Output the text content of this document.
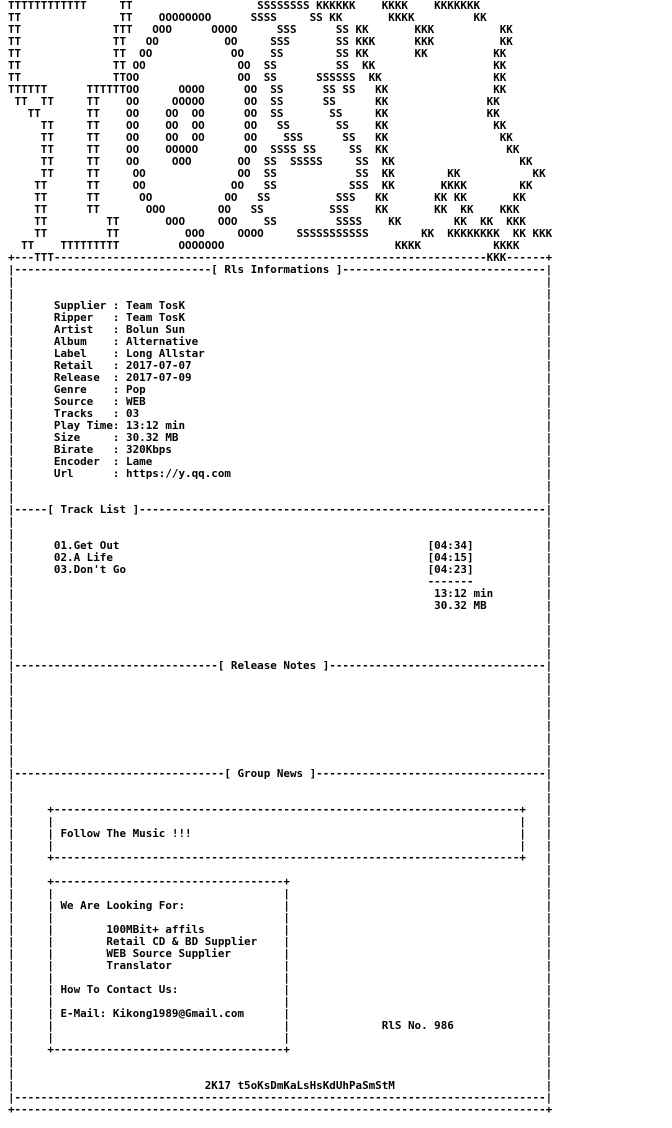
TTTTTTTTTTTT     TT                   SSSSSSSS KKKKKK    KKKK    KKKKKKK
TT               TT    OOOOOOOO      SSSS     SS KK       KKKK         KK
TT              TTT   OOO      OOOO      SSS      SS KK       KKK          KK
TT              TT   OO          OO     SSS       SS KKK      KKK          KK
TT              TT  OO            OO    SS        SS KK       KK          KK
TT              TT OO              OO  SS         SS  KK                  KK
TT              TTOO               OO  SS      SSSSSS  KK                 KK
TTTTTT      TTTTTTOO      OOOO      OO  SS      SS SS   KK                KK
TT  TT     TT    OO     OOOOO      OO  SS      SS      KK               KK
TT       TT    OO    OO  OO      OO  SS       SS     KK               KK
TT     TT    OO    OO  OO      OO   SS       SS    KK                KK
TT     TT    OO    OO  OO      OO    SSS      SS   KK                 KK
TT     TT    OO    OOOOO       OO  SSSS SS     SS  KK                  KK
TT     TT    OO     OOO       OO  SS  SSSSS     SS  KK                   KK
TT     TT     OO              OO  SS            SS  KK        KK           KK
TT      TT     OO             OO   SS           SSS  KK       KKKK        KK
TT      TT      OO           OO   SS          SSS   KK       KK KK       KK
TT      TT       OOO        OO   SS          SSS    KK       KK  KK    KKK
TT         TT       OOO     OOO    SS         SSSS    KK        KK  KK  KKK
TT         TT          OOO     OOOO     SSSSSSSSSSS        KK  KKKKKKKK  KK KKK
TT    TTTTTTTTT         OOOOOOO                          KKKK           KKKK
+---TTT------------------------------------------------------------------KKK------+
|------------------------------[ Rls Informations ]-------------------------------|
|                                                                                 |
|                                                                                 |
|      Supplier : Team TosK                                                       |
|      Ripper   : Team TosK                                                       |
|      Artist   : Bolun Sun                                                       |
|      Album    : Alternative                                                     |
|      Label    : Long Allstar                                                    |
|      Retail   : 2017-07-07                                                      |
|      Release  : 2017-07-09                                                      |
|      Genre    : Pop                                                             |
|      Source   : WEB                                                             |
|      Tracks   : 03                                                              |
|      Play Time: 13:12 min                                                       |
|      Size     : 30.32 MB                                                        |
|      Birate   : 320Kbps                                                         |
|      Encoder  : Lame                                                            |
|      Url      : https://y.qq.com                                                |
|                                                                                 |
|                                                                                 |
|-----[ Track List ]--------------------------------------------------------------|
|                                                                                 |
|                                                                                 |
|      01.Get Out                                               [04:34]           |
|      02.A Life                                                [04:15]           |
|      03.Don't Go                                              [04:23]           |
|                                                               -------           |
|                                                                13:12 min        |
|                                                                30.32 MB         |
|                                                                                 |
|                                                                                 |
|                                                                                 |
|                                                                                 |
|-------------------------------[ Release Notes ]---------------------------------|
|                                                                                 |
|                                                                                 |
|                                                                                 |
|                                                                                 |
|                                                                                 |
|                                                                                 |
|                                                                                 |
|                                                                                 |
|--------------------------------[ Group News ]-----------------------------------|
|                                                                                 |
|                                                                                 |
|     +-----------------------------------------------------------------------+   |
|     |                                                                       |   |
|     | Follow The Music !!!                                                  |   |
|     |                                                                       |   |
|     +-----------------------------------------------------------------------+   |
|                                                                                 |
|     +-----------------------------------+                                       |
|     |                                   |                                       |
|     | We Are Looking For:               |                                       |
|     |                                   |                                       |
|     |        100MBit+ affils            |                                       |
|     |        Retail CD & BD Supplier    |                                       |
|     |        WEB Source Supplier        |                                       |
|     |        Translator                 |                                       |
|     |                                   |                                       |
|     | How To Contact Us:                |                                       |
|     |                                   |                                       |
|     | E-Mail: Kikong1989@Gmail.com      |                                       |
|     |                                   |              RlS No. 986              |
|     |                                   |                                       |
|     +-----------------------------------+                                       |
|                                                                                 |
|                                                                                 |
|                             2K17 t5oKsDmKaLsHsKdUhPaSmStM                       |
|---------------------------------------------------------------------------------|
+---------------------------------------------------------------------------------+
